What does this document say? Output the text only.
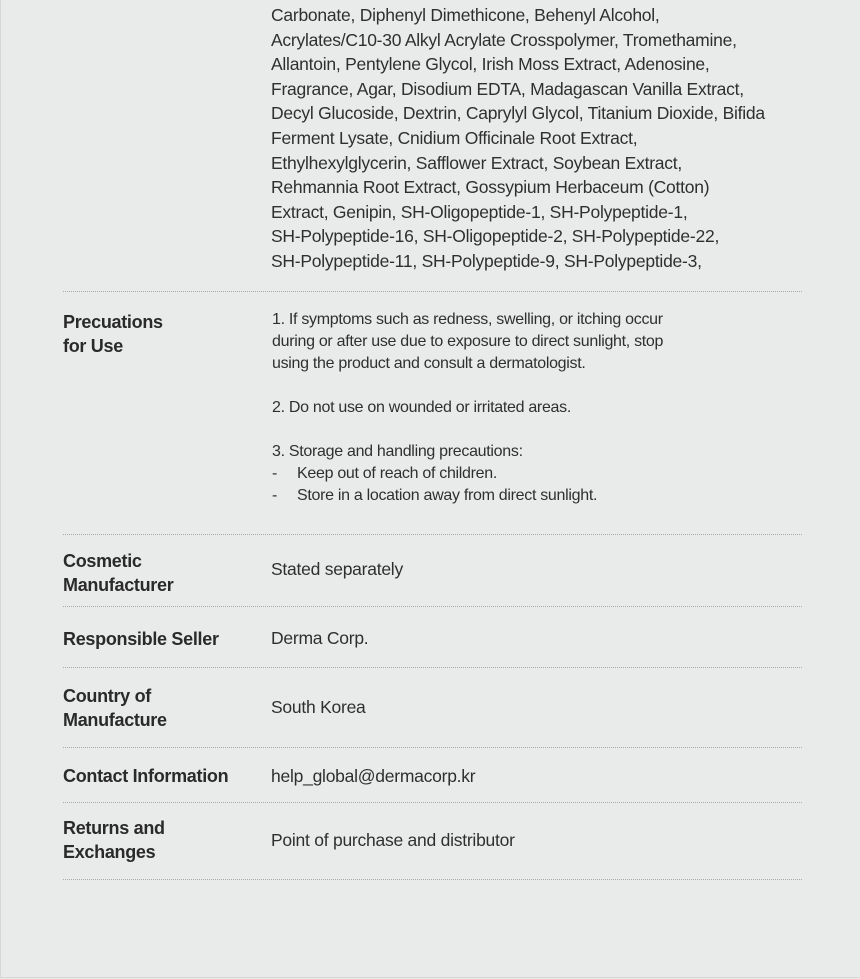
Carbonate, Diphenyl Dimethicone, Behenyl Alcohol,
Acrylates/C10-30 Alkyl Acrylate Crosspolymer, Tromethamine,
Allantoin, Pentylene Glycol, Irish Moss Extract, Adenosine,
Fragrance, Agar, Disodium EDTA, Madagascan Vanilla Extract,
Decyl Glucoside, Dextrin, Caprylyl Glycol, Titanium Dioxide, Bifida
Ferment Lysate, Cnidium Officinale Root Extract,
Ethylhexylglycerin, Safflower Extract, Soybean Extract,
Rehmannia Root Extract, Gossypium Herbaceum (Cotton)
Extract, Genipin, SH-Oligopeptide-1, SH-Polypeptide-1,
SH-Polypeptide-16, SH-Oligopeptide-2, SH-Polypeptide-22,
SH-Polypeptide-11, SH-Polypeptide-9, SH-Polypeptide-3,
Precuations
for Use
1. If symptoms such as redness, swelling, or itching occur
during or after use due to exposure to direct sunlight, stop
using the product and consult a dermatologist.
2. Do not use on wounded or irritated areas.
3. Storage and handling precautions:
- Keep out of reach of children.
- Store in a location away from direct sunlight.
Cosmetic
Manufacturer
Stated separately
Responsible Seller	Derma Corp.
Country of
Manufacture
South Korea
Contact Information help_global@dermacorp.kr
Returns and
Exchanges
Point of purchase and distributor
